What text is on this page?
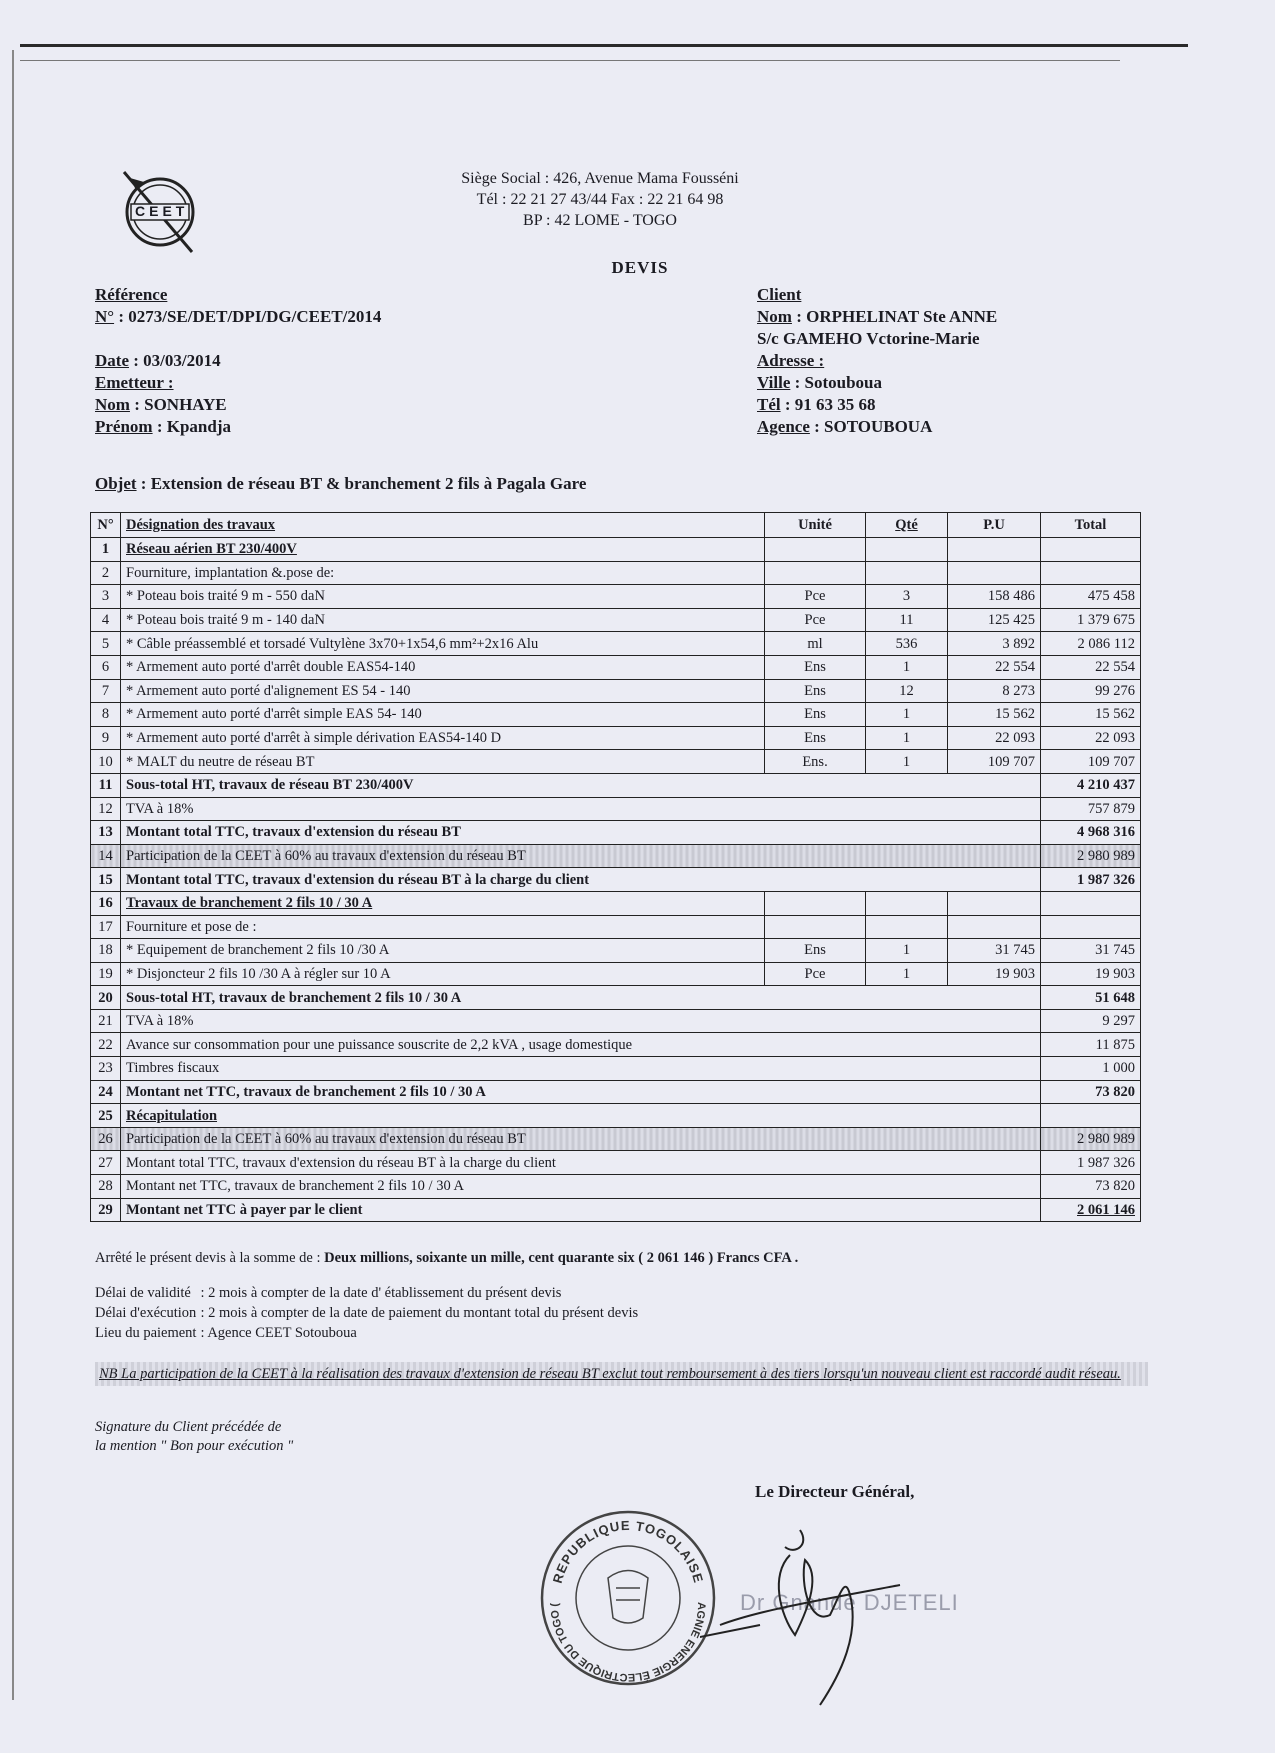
CEET
Siège Social : 426, Avenue Mama Fousséni
Tél : 22 21 27 43/44 Fax : 22 21 64 98
BP : 42 LOME - TOGO
DEVIS
Référence
N° : 0273/SE/DET/DPI/DG/CEET/2014
Date : 03/03/2014
Emetteur :
Nom : SONHAYE
Prénom : Kpandja
Client
Nom : ORPHELINAT Ste ANNE
S/c GAMEHO Vctorine-Marie
Adresse :
Ville : Sotouboua
Tél : 91 63 35 68
Agence : SOTOUBOUA
Objet : Extension de réseau BT & branchement 2 fils à Pagala Gare
N°	Désignation des travaux	Unité	Qté	P.U	Total
1	Réseau aérien BT 230/400V				
2	Fourniture, implantation &.pose de:				
3	* Poteau bois traité 9 m - 550 daN	Pce	3	158 486	475 458
4	* Poteau bois traité 9 m - 140 daN	Pce	11	125 425	1 379 675
5	* Câble préassemblé et torsadé Vultylène 3x70+1x54,6 mm²+2x16 Alu	ml	536	3 892	2 086 112
6	* Armement auto porté d'arrêt double EAS54-140	Ens	1	22 554	22 554
7	* Armement auto porté d'alignement ES 54 - 140	Ens	12	8 273	99 276
8	* Armement auto porté d'arrêt simple EAS 54- 140	Ens	1	15 562	15 562
9	* Armement auto porté d'arrêt à simple dérivation EAS54-140 D	Ens	1	22 093	22 093
10	* MALT du neutre de réseau BT	Ens.	1	109 707	109 707
11	Sous-total HT, travaux de réseau BT 230/400V				4 210 437
12	TVA à 18%				757 879
13	Montant total TTC, travaux d'extension du réseau BT				4 968 316
14	Participation de la CEET à 60% au travaux d'extension du réseau BT				2 980 989
15	Montant total TTC, travaux d'extension du réseau BT à la charge du client				1 987 326
16	Travaux de branchement 2 fils 10 / 30 A				
17	Fourniture et pose de :				
18	* Equipement de branchement 2 fils 10 /30 A	Ens	1	31 745	31 745
19	* Disjoncteur 2 fils 10 /30 A à régler sur 10 A	Pce	1	19 903	19 903
20	Sous-total HT, travaux de branchement 2 fils 10 / 30 A				51 648
21	TVA à 18%				9 297
22	Avance sur consommation pour une puissance souscrite de 2,2 kVA , usage domestique				11 875
23	Timbres fiscaux				1 000
24	Montant net TTC, travaux de branchement 2 fils 10 / 30 A				73 820
25	Récapitulation				
26	Participation de la CEET à 60% au travaux d'extension du réseau BT				2 980 989
27	Montant total TTC, travaux d'extension du réseau BT à la charge du client				1 987 326
28	Montant net TTC, travaux de branchement 2 fils 10 / 30 A				73 820
29	Montant net TTC à payer par le client				2 061 146
Arrêté le présent devis à la somme de : Deux millions, soixante un mille, cent quarante six ( 2 061 146 ) Francs CFA .
Délai de validité	: 2 mois à compter de la date d' établissement du présent devis
Délai d'exécution	: 2 mois à compter de la date de paiement du montant total du présent devis
Lieu du paiement	: Agence CEET Sotouboua
NB La participation de la CEET à la réalisation des travaux d'extension de réseau BT exclut tout remboursement à des tiers lorsqu'un nouveau client est raccordé audit réseau.
Signature du Client précédée de
la mention " Bon pour exécution "
Le Directeur Général,
REPUBLIQUE TOGOLAISE
AGNIE ENERGIE ÉLECTRIQUE DU TOGO (	Dr Gnandé DJETELI
